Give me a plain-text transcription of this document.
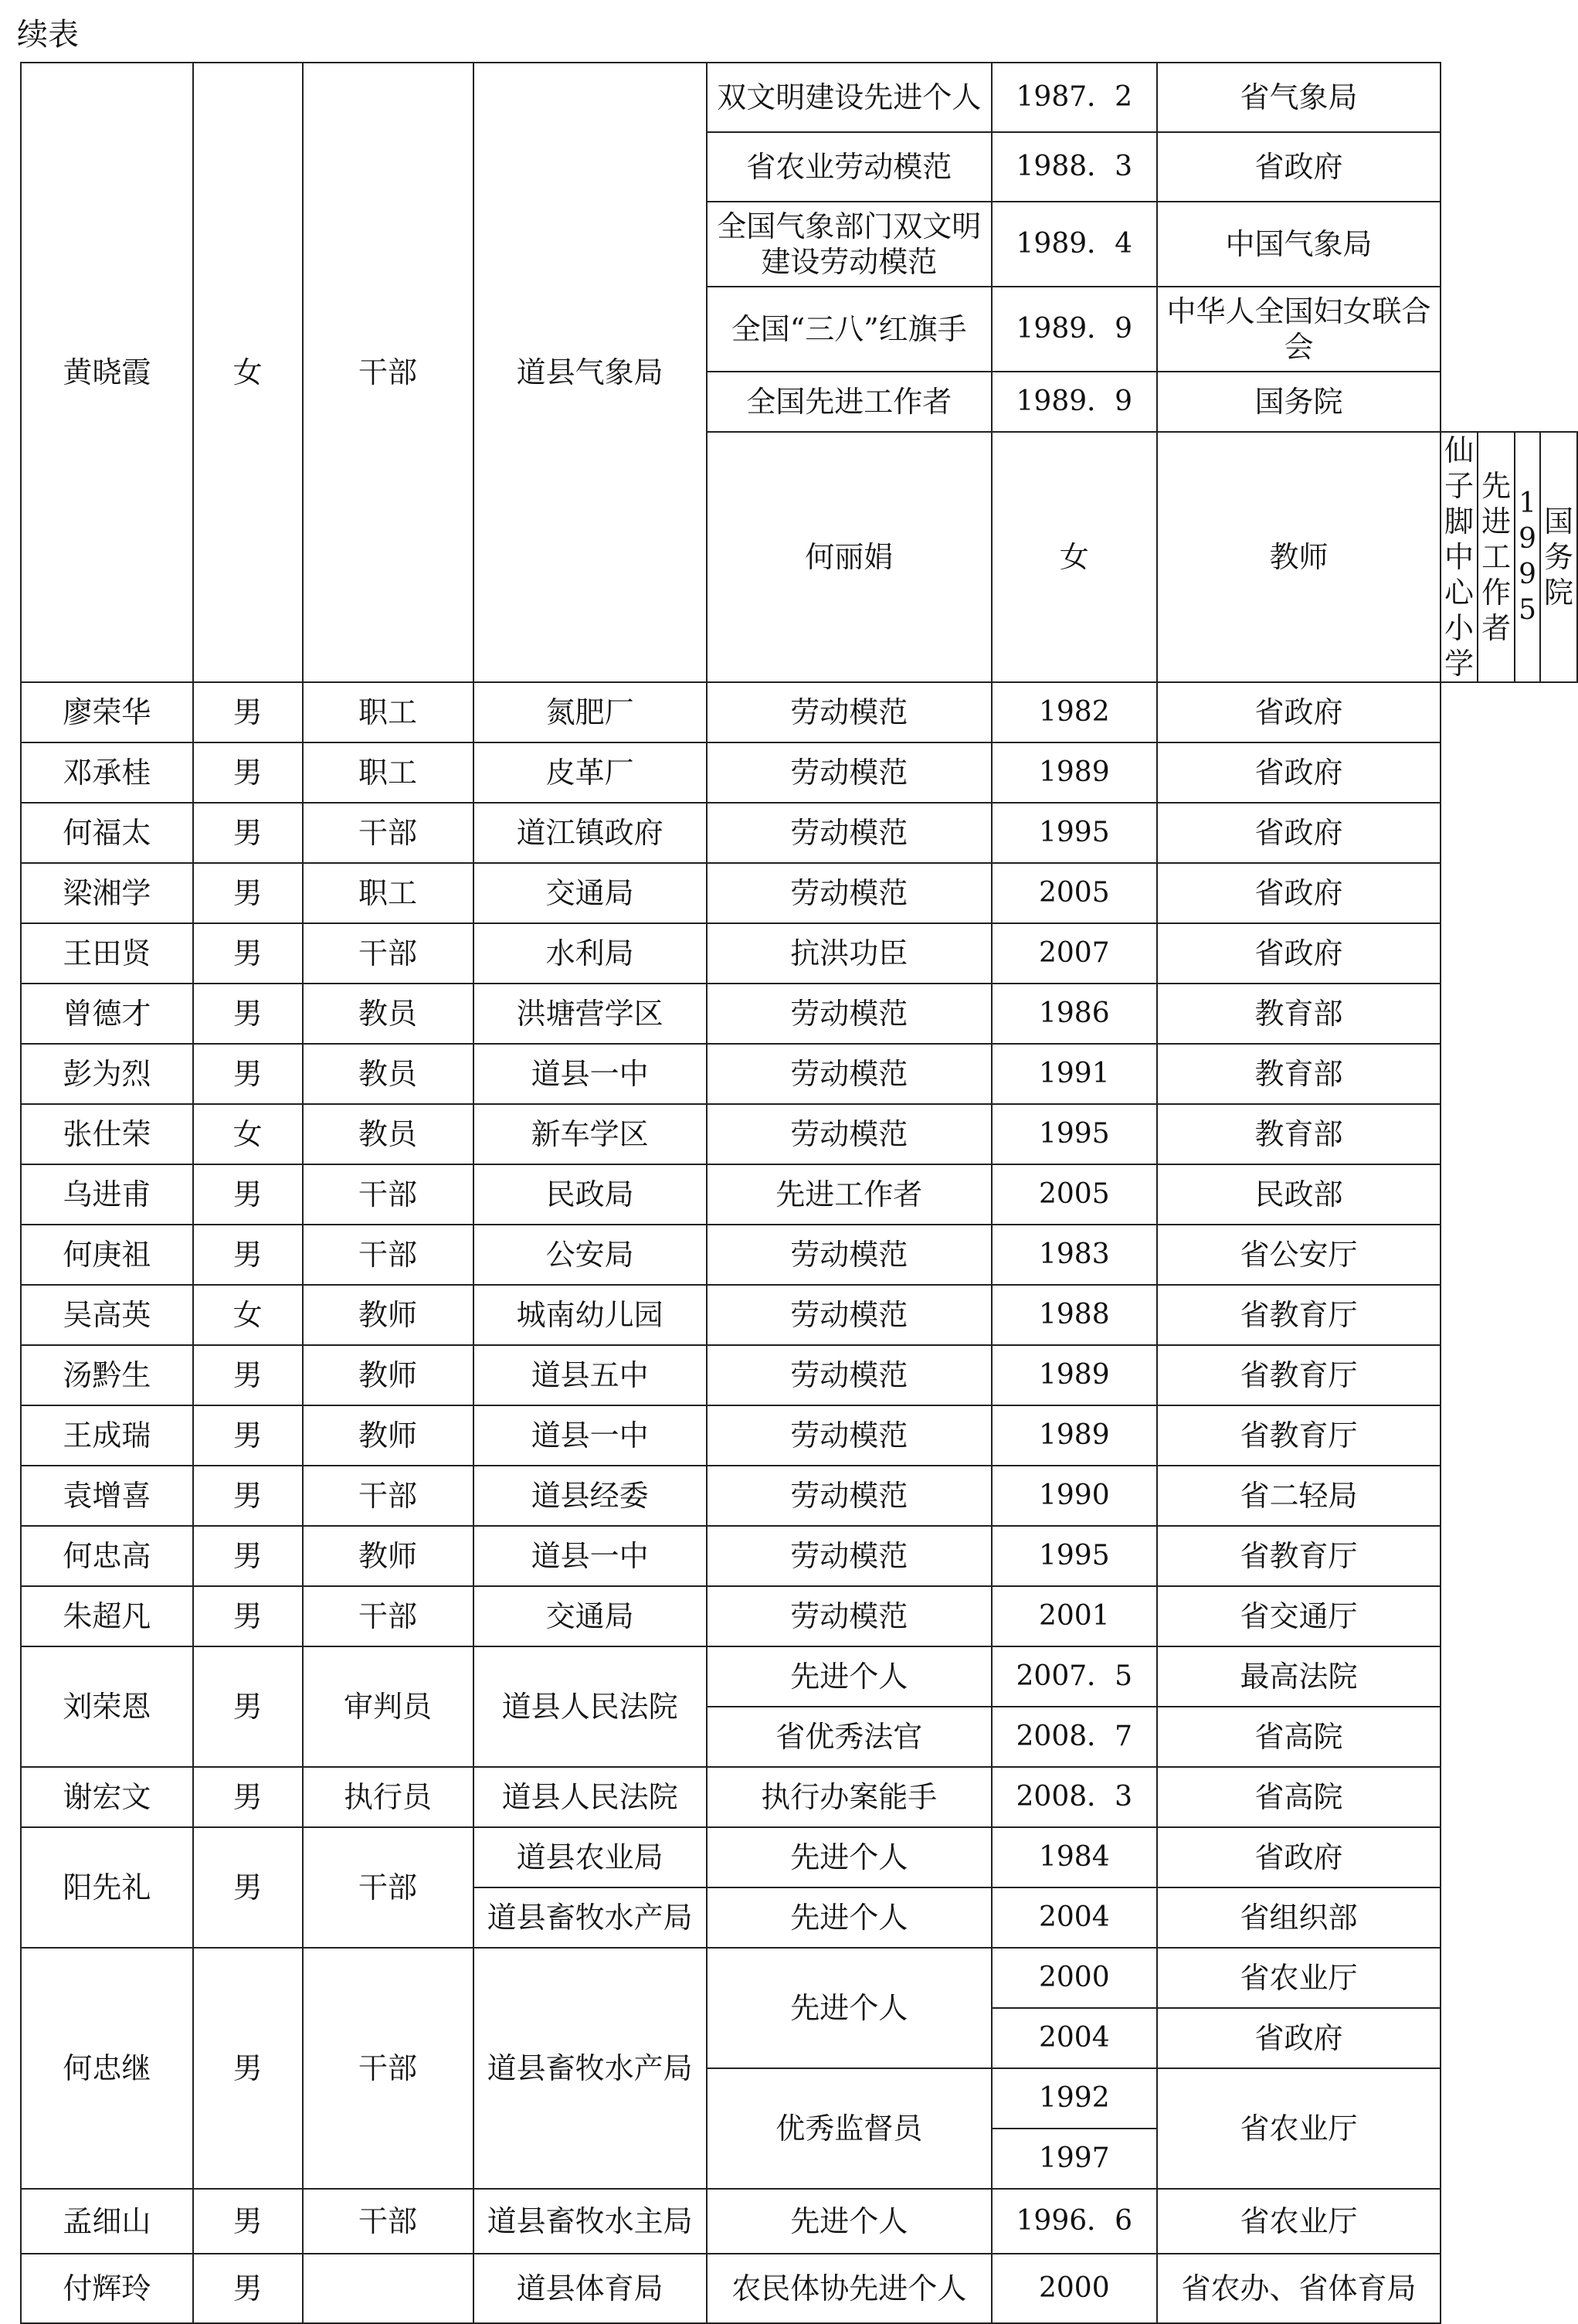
续表
黄晓霞	女	干部	道县气象局	双文明建设先进个人	1987．2	省气象局				
				省农业劳动模范	1988．3	省政府				
				全国气象部门双文明建设劳动模范	1989．4	中国气象局				
				全国“三八”红旗手	1989．9	中华人全国妇女联合会				
				全国先进工作者	1989．9	国务院				
				何丽娟	女	教师	仙子脚中心小学	先进工作者	1995	国务院
廖荣华	男	职工	氮肥厂	劳动模范	1982	省政府				
邓承桂	男	职工	皮革厂	劳动模范	1989	省政府				
何福太	男	干部	道江镇政府	劳动模范	1995	省政府				
梁湘学	男	职工	交通局	劳动模范	2005	省政府				
王田贤	男	干部	水利局	抗洪功臣	2007	省政府				
曾德才	男	教员	洪塘营学区	劳动模范	1986	教育部				
彭为烈	男	教员	道县一中	劳动模范	1991	教育部				
张仕荣	女	教员	新车学区	劳动模范	1995	教育部				
乌进甫	男	干部	民政局	先进工作者	2005	民政部				
何庚祖	男	干部	公安局	劳动模范	1983	省公安厅				
吴高英	女	教师	城南幼儿园	劳动模范	1988	省教育厅				
汤黔生	男	教师	道县五中	劳动模范	1989	省教育厅				
王成瑞	男	教师	道县一中	劳动模范	1989	省教育厅				
袁增喜	男	干部	道县经委	劳动模范	1990	省二轻局				
何忠高	男	教师	道县一中	劳动模范	1995	省教育厅				
朱超凡	男	干部	交通局	劳动模范	2001	省交通厅				
刘荣恩	男	审判员	道县人民法院	先进个人	2007．5	最高法院				
				省优秀法官	2008．7	省高院				
谢宏文	男	执行员	道县人民法院	执行办案能手	2008．3	省高院				
阳先礼	男	干部	道县农业局	先进个人	1984	省政府				
			道县畜牧水产局	先进个人	2004	省组织部				
何忠继	男	干部	道县畜牧水产局	先进个人	2000	省农业厅				
					2004	省政府				
				优秀监督员	1992	省农业厅				
					1997					
孟细山	男	干部	道县畜牧水主局	先进个人	1996．6	省农业厅				
付辉玲	男		道县体育局	农民体协先进个人	2000	省农办、省体育局				
